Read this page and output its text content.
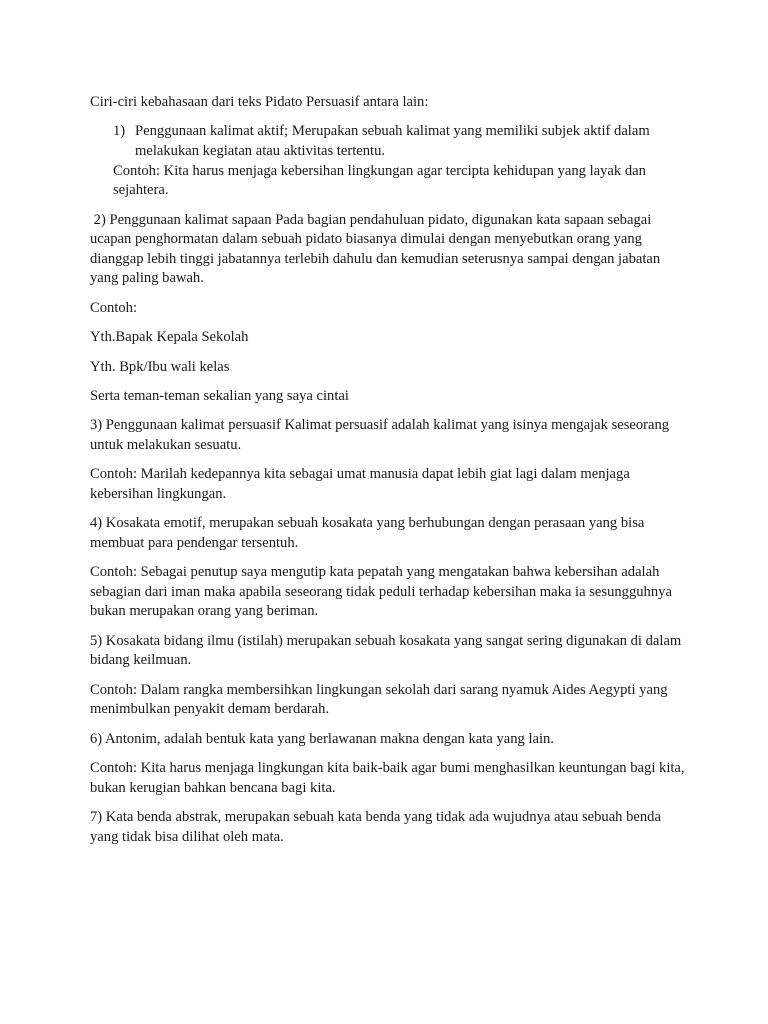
Ciri-ciri kebahasaan dari teks Pidato Persuasif antara lain:

1) Penggunaan kalimat aktif; Merupakan sebuah kalimat yang memiliki subjek aktif dalam melakukan kegiatan atau aktivitas tertentu.

Contoh: Kita harus menjaga kebersihan lingkungan agar tercipta kehidupan yang layak dan sejahtera.

2) Penggunaan kalimat sapaan Pada bagian pendahuluan pidato, digunakan kata sapaan sebagai ucapan penghormatan dalam sebuah pidato biasanya dimulai dengan menyebutkan orang yang dianggap lebih tinggi jabatannya terlebih dahulu dan kemudian seterusnya sampai dengan jabatan yang paling bawah.

Contoh:

Yth.Bapak Kepala Sekolah

Yth. Bpk/Ibu wali kelas

Serta teman-teman sekalian yang saya cintai

3) Penggunaan kalimat persuasif Kalimat persuasif adalah kalimat yang isinya mengajak seseorang untuk melakukan sesuatu.

Contoh: Marilah kedepannya kita sebagai umat manusia dapat lebih giat lagi dalam menjaga kebersihan lingkungan.

4) Kosakata emotif, merupakan sebuah kosakata yang berhubungan dengan perasaan yang bisa membuat para pendengar tersentuh.

Contoh: Sebagai penutup saya mengutip kata pepatah yang mengatakan bahwa kebersihan adalah sebagian dari iman maka apabila seseorang tidak peduli terhadap kebersihan maka ia sesungguhnya bukan merupakan orang yang beriman.

5) Kosakata bidang ilmu (istilah) merupakan sebuah kosakata yang sangat sering digunakan di dalam bidang keilmuan.

Contoh: Dalam rangka membersihkan lingkungan sekolah dari sarang nyamuk Aides Aegypti yang menimbulkan penyakit demam berdarah.

6) Antonim, adalah bentuk kata yang berlawanan makna dengan kata yang lain.

Contoh: Kita harus menjaga lingkungan kita baik-baik agar bumi menghasilkan keuntungan bagi kita, bukan kerugian bahkan bencana bagi kita.

7) Kata benda abstrak, merupakan sebuah kata benda yang tidak ada wujudnya atau sebuah benda yang tidak bisa dilihat oleh mata.
